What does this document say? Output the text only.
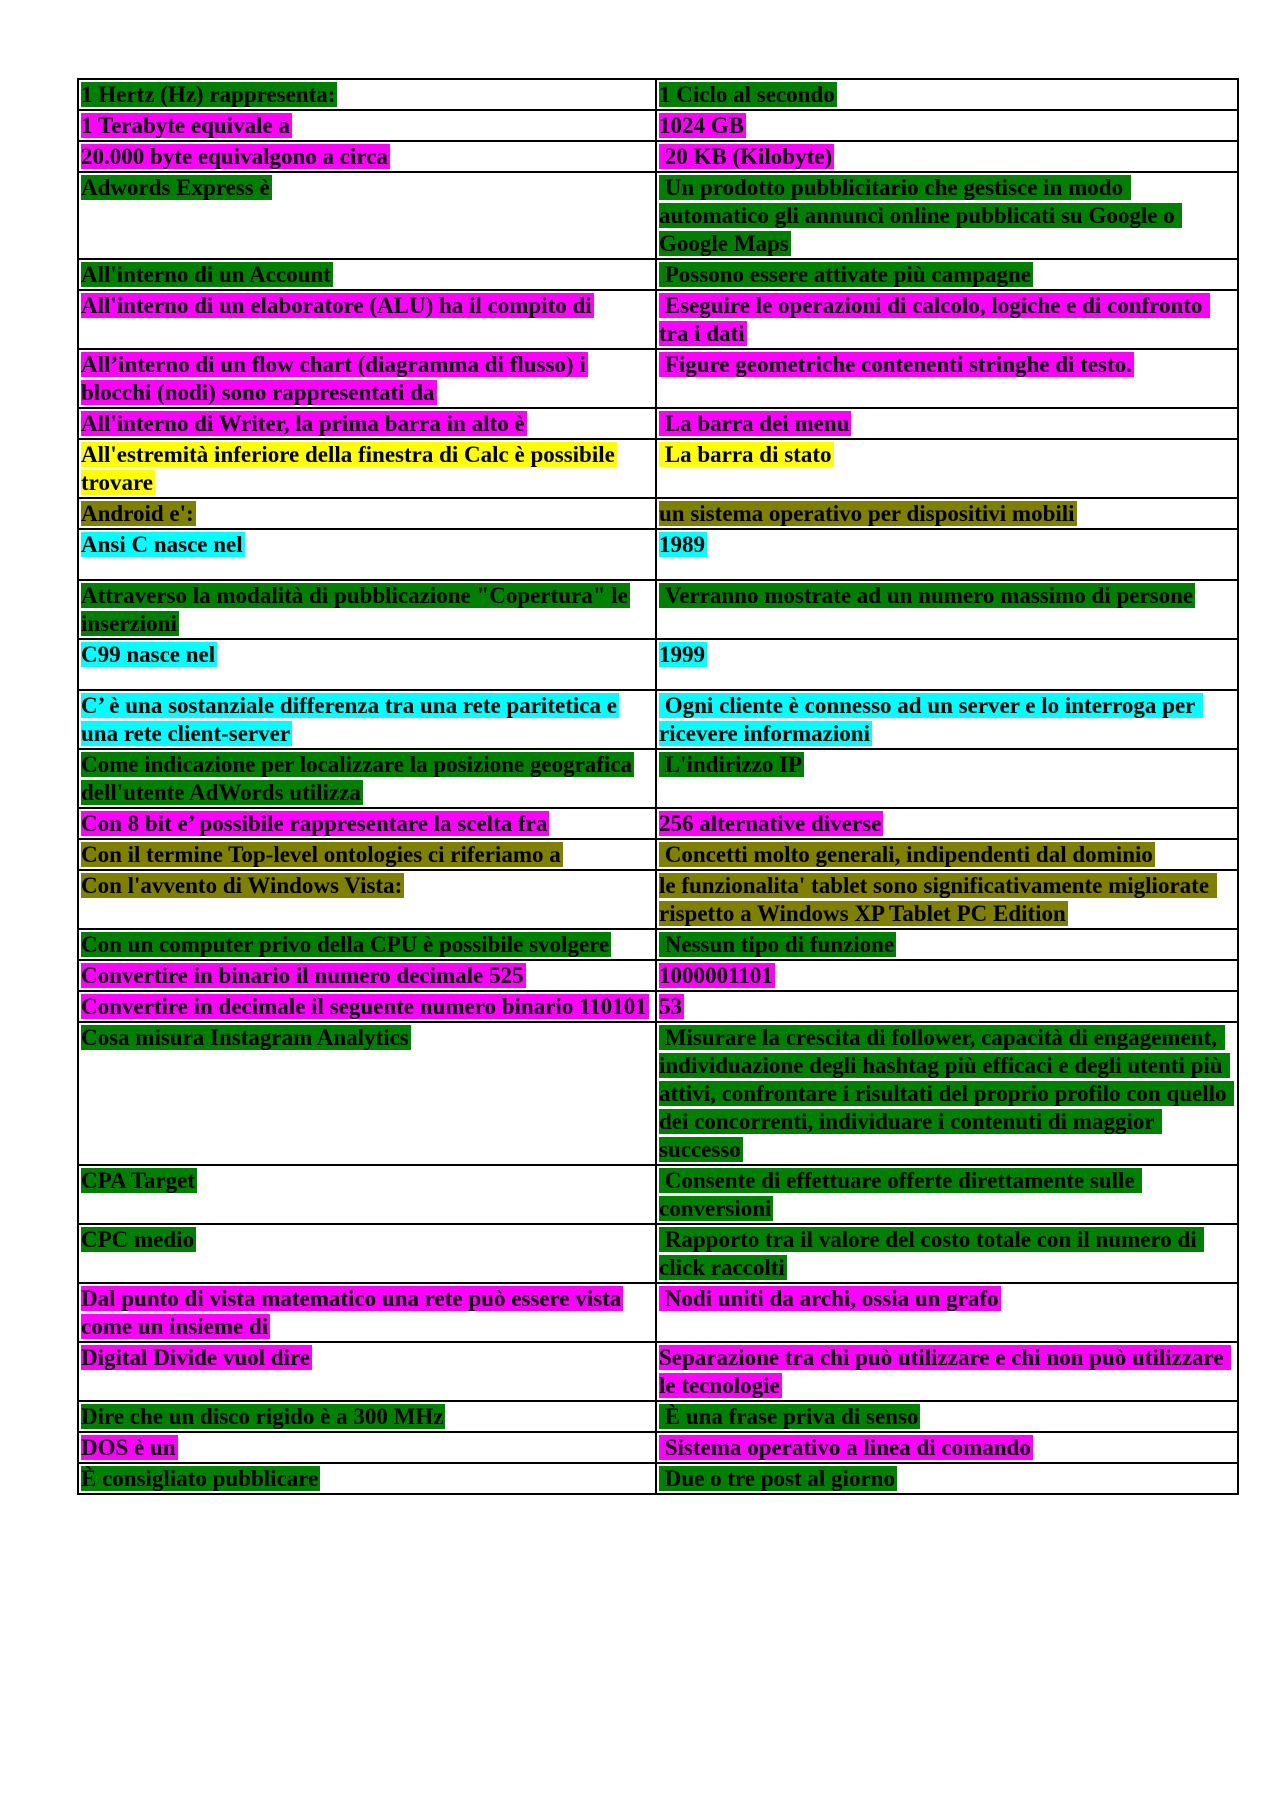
1 Hertz (Hz) rappresenta:	1 Ciclo al secondo
1 Terabyte equivale a	1024 GB
20.000 byte equivalgono a circa	20 KB (Kilobyte)
Adwords Express è	Un prodotto pubblicitario che gestisce in modo automatico gli annunci online pubblicati su Google o Google Maps
All'interno di un Account	Possono essere attivate più campagne
All'interno di un elaboratore (ALU) ha il compito di	Eseguire le operazioni di calcolo, logiche e di confronto tra i dati
All’interno di un flow chart (diagramma di flusso) i blocchi (nodi) sono rappresentati da	Figure geometriche contenenti stringhe di testo.
All'interno di Writer, la prima barra in alto è	La barra dei menu
All'estremità inferiore della finestra di Calc è possibile trovare	La barra di stato
Android e':	un sistema operativo per dispositivi mobili
Ansi C nasce nel	1989
Attraverso la modalità di pubblicazione "Copertura" le inserzioni	Verranno mostrate ad un numero massimo di persone
C99 nasce nel	1999
C’ è una sostanziale differenza tra una rete paritetica e una rete client-server	Ogni cliente è connesso ad un server e lo interroga per ricevere informazioni
Come indicazione per localizzare la posizione geografica dell'utente AdWords utilizza	L'indirizzo IP
Con 8 bit e’ possibile rappresentare la scelta fra	256 alternative diverse
Con il termine Top-level ontologies ci riferiamo a	Concetti molto generali, indipendenti dal dominio
Con l'avvento di Windows Vista:	le funzionalita' tablet sono significativamente migliorate rispetto a Windows XP Tablet PC Edition
Con un computer privo della CPU è possibile svolgere	Nessun tipo di funzione
Convertire in binario il numero decimale 525	1000001101
Convertire in decimale il seguente numero binario 110101	53
Cosa misura Instagram Analytics	Misurare la crescita di follower, capacità di engagement, individuazione degli hashtag più efficaci e degli utenti più attivi, confrontare i risultati del proprio profilo con quello dei concorrenti, individuare i contenuti di maggior successo
CPA Target	Consente di effettuare offerte direttamente sulle conversioni
CPC medio	Rapporto tra il valore del costo totale con il numero di click raccolti
Dal punto di vista matematico una rete può essere vista come un insieme di	Nodi uniti da archi, ossia un grafo
Digital Divide vuol dire	Separazione tra chi può utilizzare e chi non può utilizzare le tecnologie
Dire che un disco rigido è a 300 MHz	È una frase priva di senso
DOS è un	Sistema operativo a linea di comando
È consigliato pubblicare	Due o tre post al giorno
